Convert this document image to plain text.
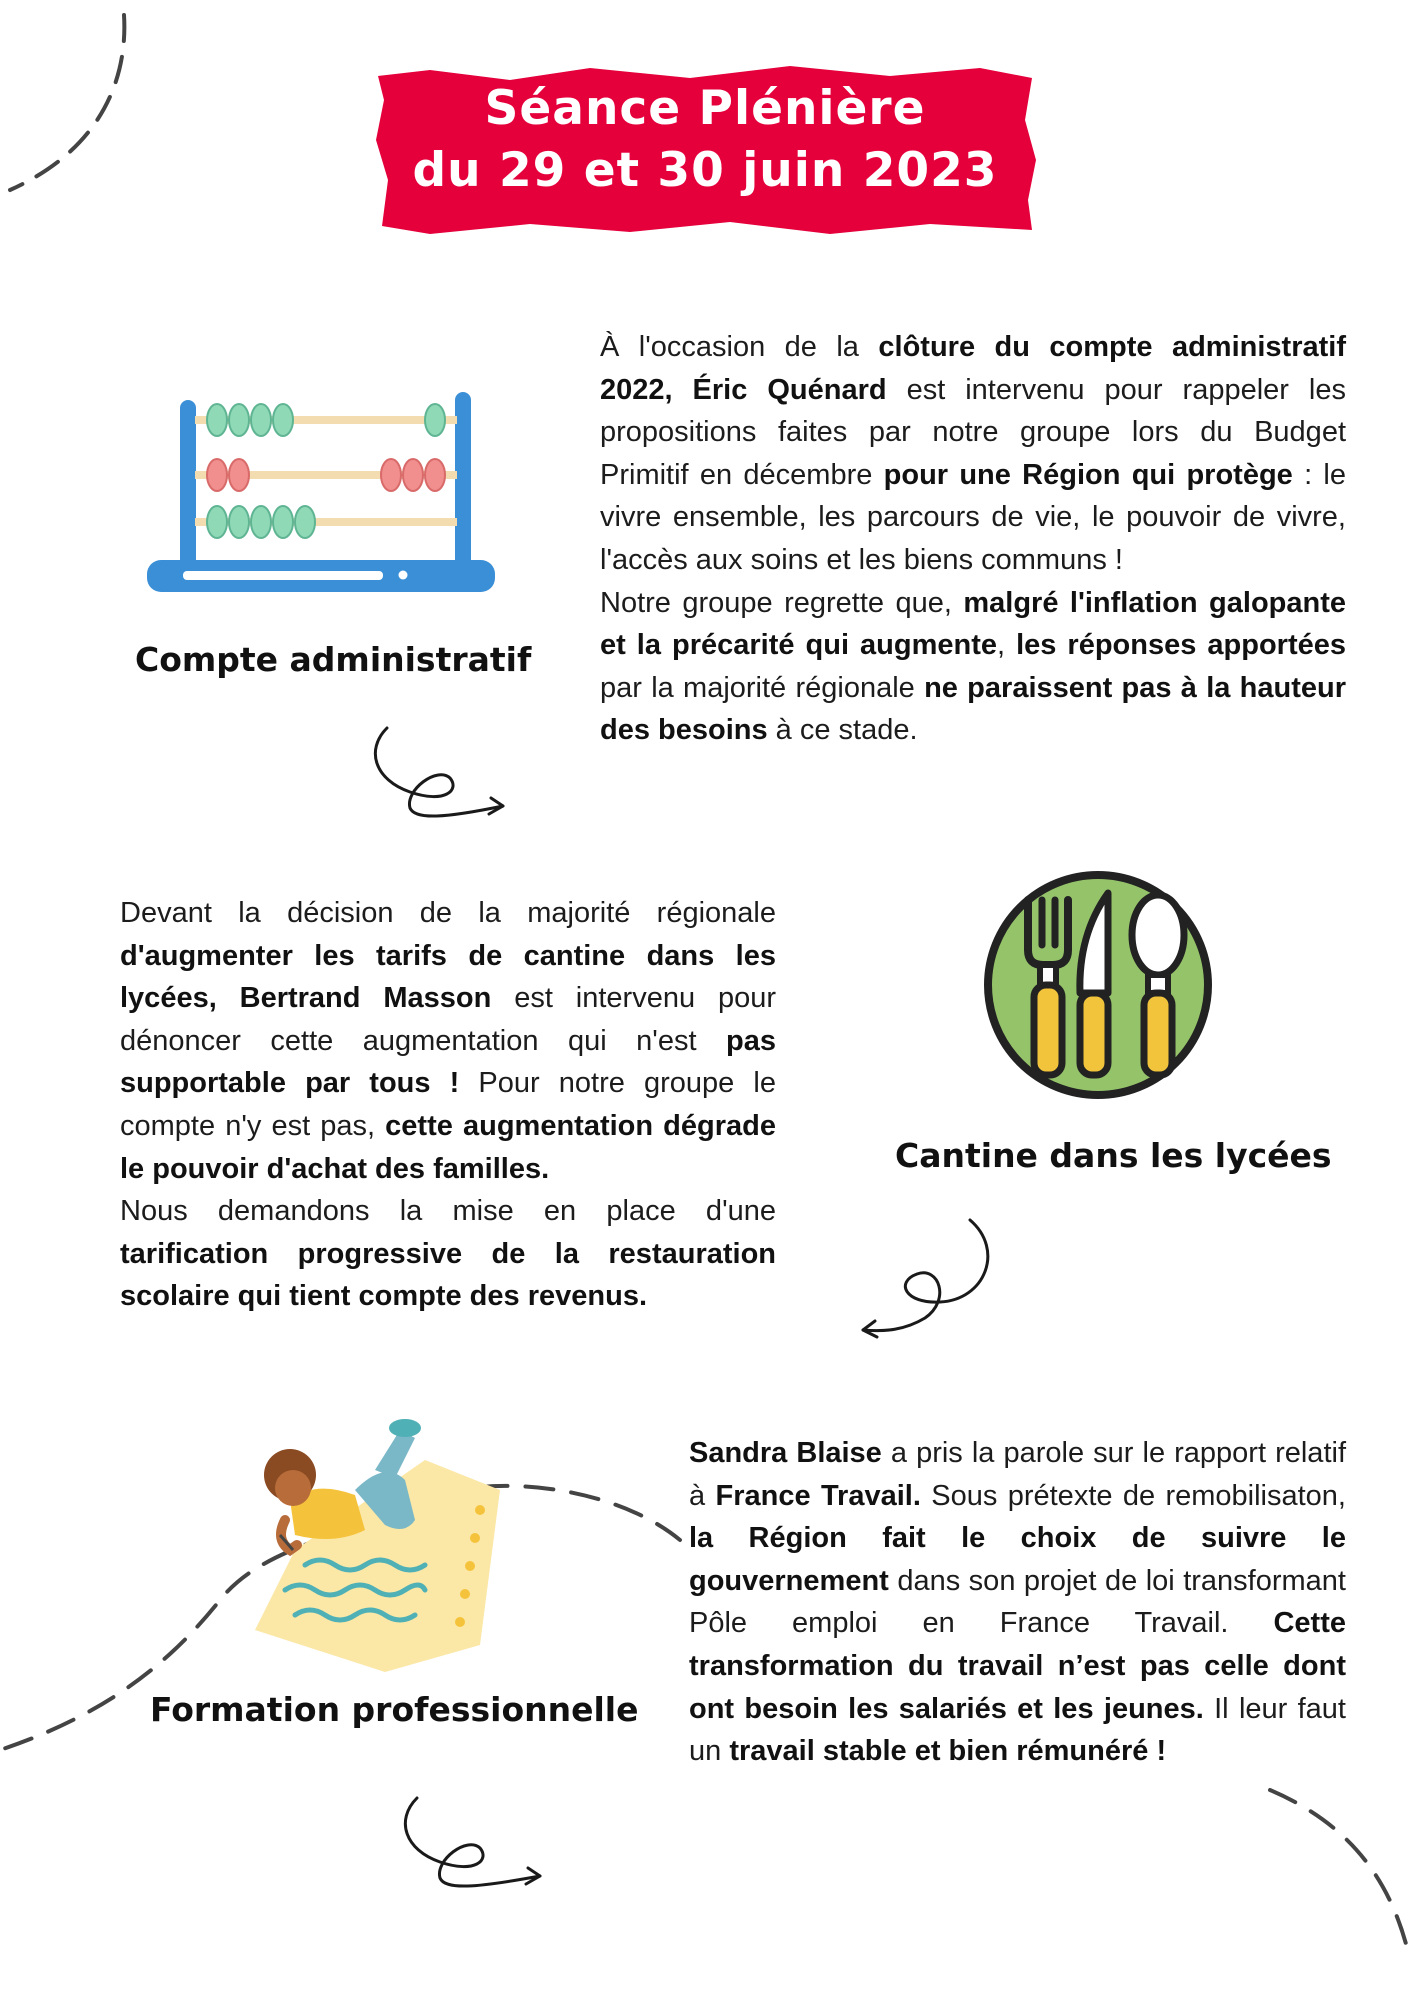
Séance Plénière
du 29 et 30 juin 2023
Compte administratif
À l'occasion de la clôture du compte administratif 2022, Éric Quénard est intervenu pour rappeler les propositions faites par notre groupe lors du Budget Primitif en décembre pour une Région qui protège : le vivre ensemble, les parcours de vie, le pouvoir de vivre, l'accès aux soins et les biens communs !
Notre groupe regrette que, malgré l'inflation galopante et la précarité qui augmente, les réponses apportées par la majorité régionale ne paraissent pas à la hauteur des besoins à ce stade.
Devant la décision de la majorité régionale d'augmenter les tarifs de cantine dans les lycées, Bertrand Masson est intervenu pour dénoncer cette augmentation qui n'est pas supportable par tous ! Pour notre groupe le compte n'y est pas, cette augmentation dégrade le pouvoir d'achat des familles.
Nous demandons la mise en place d'une tarification progressive de la restauration scolaire qui tient compte des revenus.
Cantine dans les lycées
Formation professionnelle
Sandra Blaise a pris la parole sur le rapport relatif à France Travail. Sous prétexte de remobilisaton, la Région fait le choix de suivre le gouvernement dans son projet de loi transformant Pôle emploi en France Travail. Cette transformation du travail n’est pas celle dont ont besoin les salariés et les jeunes. Il leur faut un travail stable et bien rémunéré !
